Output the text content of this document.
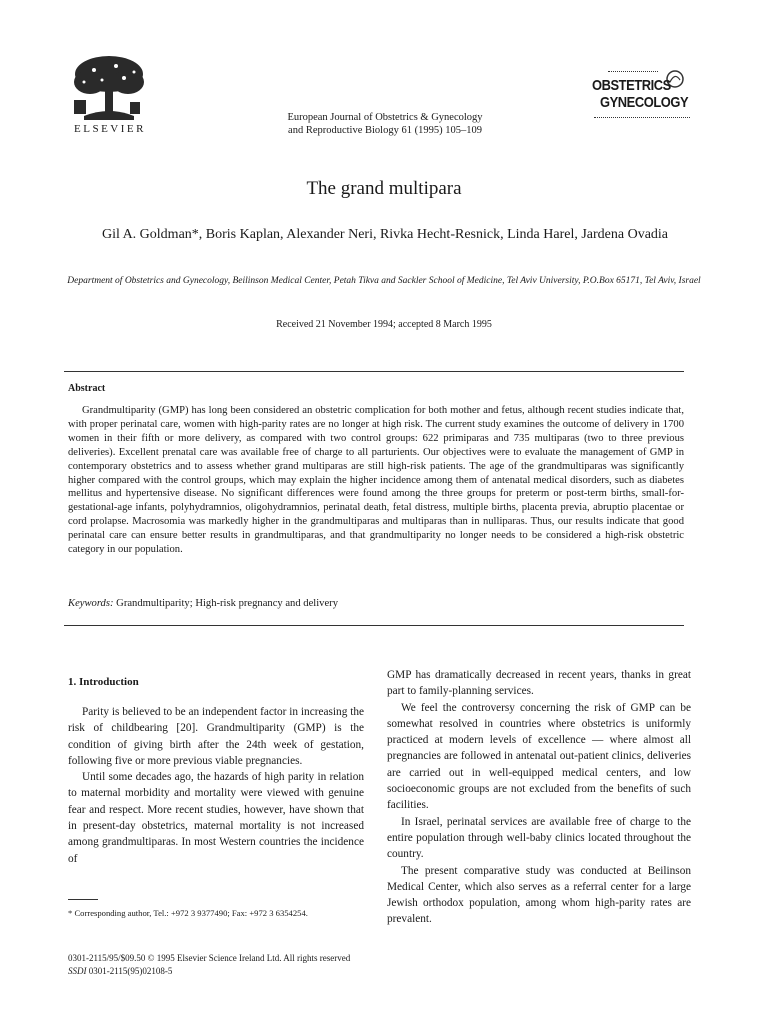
ELSEVIER
European Journal of Obstetrics & Gynecology
and Reproductive Biology 61 (1995) 105–109
OBSTETRICS
GYNECOLOGY
The grand multipara
Gil A. Goldman*, Boris Kaplan, Alexander Neri, Rivka Hecht-Resnick, Linda Harel, Jardena Ovadia
Department of Obstetrics and Gynecology, Beilinson Medical Center, Petah Tikva and Sackler School of Medicine, Tel Aviv University, P.O.Box 65171, Tel Aviv, Israel
Received 21 November 1994; accepted 8 March 1995
Abstract
Grandmultiparity (GMP) has long been considered an obstetric complication for both mother and fetus, although recent studies indicate that, with proper perinatal care, women with high-parity rates are no longer at high risk. The current study examines the outcome of delivery in 1700 women in their fifth or more delivery, as compared with two control groups: 622 primiparas and 735 multiparas (two to three previous deliveries). Excellent prenatal care was available free of charge to all parturients. Our objectives were to evaluate the management of GMP in contemporary obstetrics and to assess whether grand multiparas are still high-risk patients. The age of the grandmultiparas was significantly higher compared with the control groups, which may explain the higher incidence among them of antenatal medical disorders, such as diabetes mellitus and hypertensive disease. No significant differences were found among the three groups for preterm or post-term births, small-for-gestational-age infants, polyhydramnios, oligohydramnios, perinatal death, fetal distress, multiple births, placenta previa, abruptio placentae or cord prolapse. Macrosomia was markedly higher in the grandmultiparas and multiparas than in nulliparas. Thus, our results indicate that good perinatal care can ensure better results in grandmultiparas, and that grandmultiparity no longer needs to be considered a high-risk obstetric category in our population.
Keywords: Grandmultiparity; High-risk pregnancy and delivery
1. Introduction

Parity is believed to be an independent factor in increasing the risk of childbearing [20]. Grandmultiparity (GMP) is the condition of giving birth after the 24th week of gestation, following five or more previous viable pregnancies.

Until some decades ago, the hazards of high parity in relation to maternal morbidity and mortality were viewed with genuine fear and respect. More recent studies, however, have shown that in present-day obstetrics, maternal mortality is not increased among grandmultiparas. In most Western countries the incidence of

GMP has dramatically decreased in recent years, thanks in great part to family-planning services.

We feel the controversy concerning the risk of GMP can be somewhat resolved in countries where obstetrics is uniformly practiced at modern levels of excellence — where almost all pregnancies are followed in antenatal out-patient clinics, deliveries are carried out in well-equipped medical centers, and low socioeconomic groups are not excluded from the benefits of such facilities.

In Israel, perinatal services are available free of charge to the entire population through well-baby clinics located throughout the country.

The present comparative study was conducted at Beilinson Medical Center, which also serves as a referral center for a large Jewish orthodox population, among whom high-parity rates are prevalent.

* Corresponding author, Tel.: +972 3 9377490; Fax: +972 3 6354254.
0301-2115/95/$09.50 © 1995 Elsevier Science Ireland Ltd. All rights reserved
SSDI 0301-2115(95)02108-5
